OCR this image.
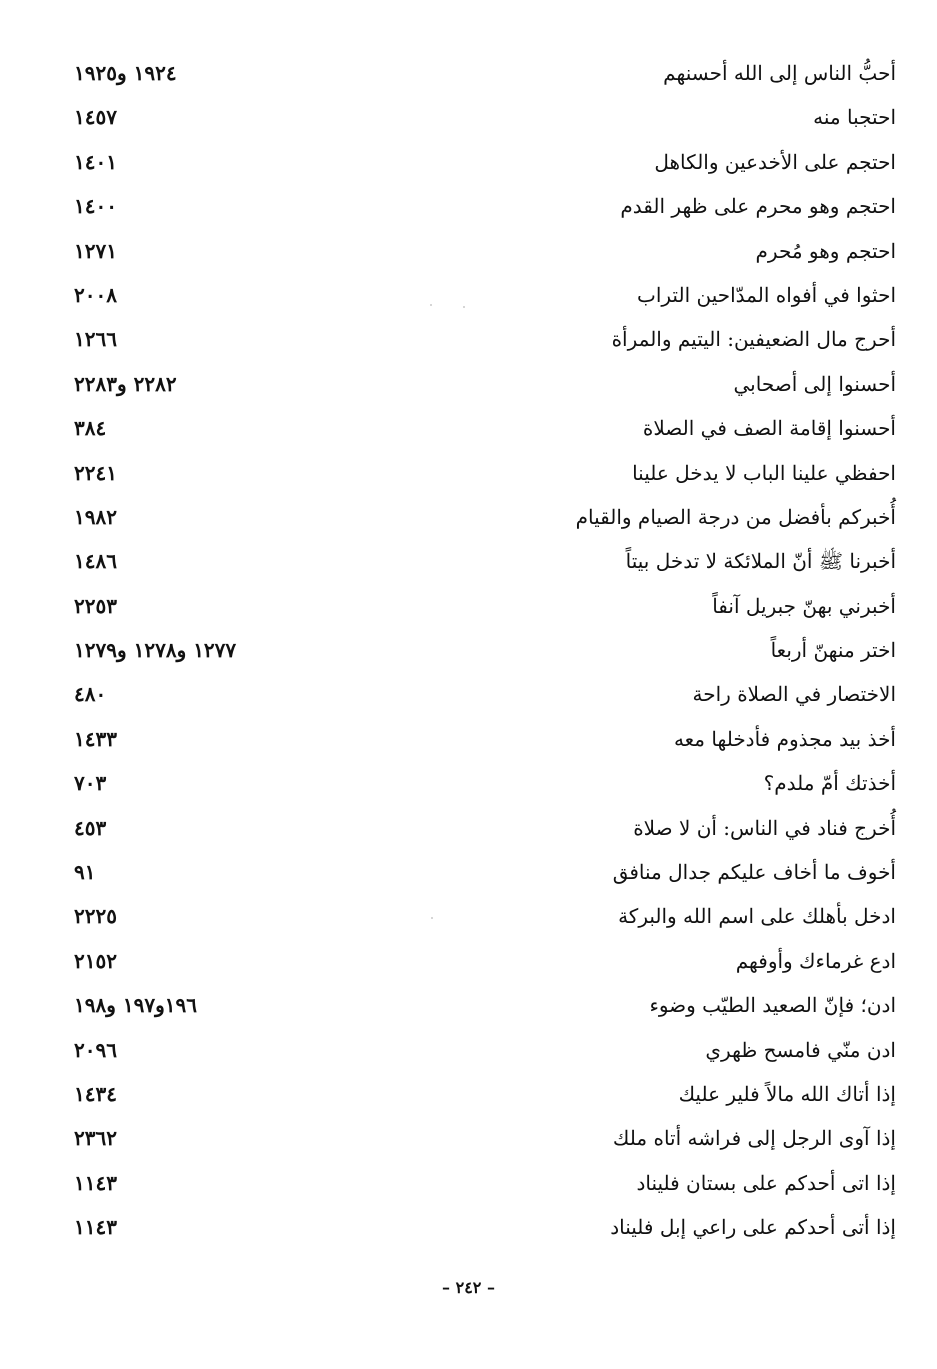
أحبُّ الناس إلى الله أحسنهم
١٩٢٤ و١٩٢٥
احتجبا منه
١٤٥٧
احتجم على الأخدعين والكاهل
١٤٠١
احتجم وهو محرم على ظهر القدم
١٤٠٠
احتجم وهو مُحرم
١٢٧١
احثوا في أفواه المدّاحين التراب
٢٠٠٨
أحرج مال الضعيفين: اليتيم والمرأة
١٢٦٦
أحسنوا إلى أصحابي
٢٢٨٢ و٢٢٨٣
أحسنوا إقامة الصف في الصلاة
٣٨٤
احفظي علينا الباب لا يدخل علينا
٢٢٤١
أُخبركم بأفضل من درجة الصيام والقيام
١٩٨٢
أخبرنا ﷺ أنّ الملائكة لا تدخل بيتاً
١٤٨٦
أخبرني بهنّ جبريل آنفاً
٢٢٥٣
اختر منهنّ أربعاً
١٢٧٧ و١٢٧٨ و١٢٧٩
الاختصار في الصلاة راحة
٤٨٠
أخذ بيد مجذوم فأدخلها معه
١٤٣٣
أخذتك أمّ ملدم؟
٧٠٣
أُخرج فناد في الناس: أن لا صلاة
٤٥٣
أخوف ما أخاف عليكم جدال منافق
٩١
ادخل بأهلك على اسم الله والبركة
٢٢٢٥
ادع غرماءك وأوفهم
٢١٥٢
ادن؛ فإنّ الصعيد الطيّب وضوء
١٩٦و١٩٧ و١٩٨
ادن منّي فامسح ظهري
٢٠٩٦
إذا أتاك الله مالاً فلير عليك
١٤٣٤
إذا آوى الرجل إلى فراشه أتاه ملك
٢٣٦٢
إذا اتى أحدكم على بستان فليناد
١١٤٣
إذا أتى أحدكم على راعي إبل فليناد
١١٤٣
– ٢٤٢ –
